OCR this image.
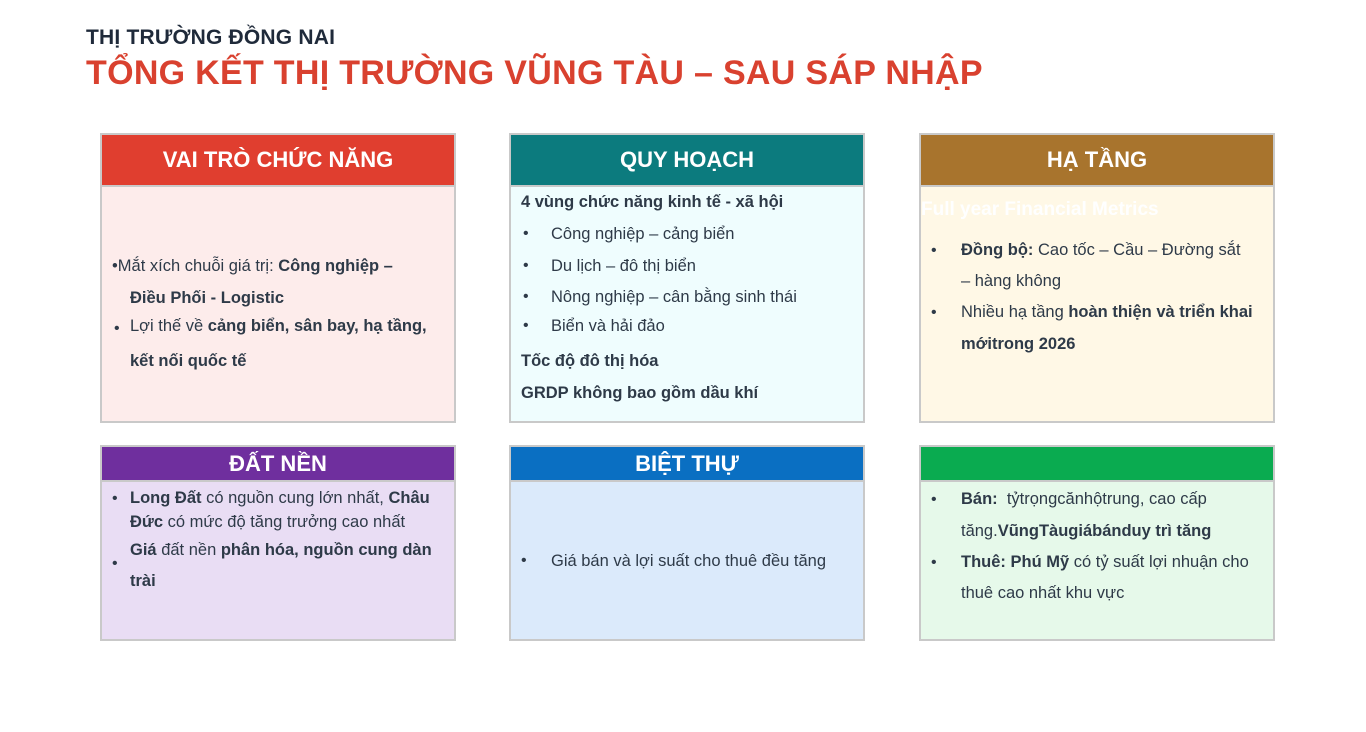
THỊ TRƯỜNG ĐỒNG NAI
TỔNG KẾT THỊ TRƯỜNG VŨNG TÀU – SAU SÁP NHẬP
VAI TRÒ CHỨC NĂNG
•Mắt xích chuỗi giá trị: Công nghiệp –
Điều Phối - Logistic
• Lợi thế về cảng biển, sân bay, hạ tầng,
kết nối quốc tế
QUY HOẠCH
4 vùng chức năng kinh tế - xã hội
• Công nghiệp – cảng biển
• Du lịch – đô thị biển
• Nông nghiệp – cân bằng sinh thái
• Biển và hải đảo
Tốc độ đô thị hóa
GRDP không bao gồm dầu khí
HẠ TẦNG
Full year Financial Metrics
• Đồng bộ: Cao tốc – Cầu – Đường sắt
– hàng không
• Nhiều hạ tầng hoàn thiện và triển khai
mớitrong 2026
ĐẤT NỀN
• Long Đất có nguồn cung lớn nhất, Châu
Đức có mức độ tăng trưởng cao nhất
•
Giá đất nền phân hóa, nguồn cung dàn
trài
BIỆT THỰ
• Giá bán và lợi suất cho thuê đều tăng
• Bán:  tỷtrọngcănhộtrung, cao cấp
tăng.VũngTàugiábánduy trì tăng
• Thuê: Phú Mỹ có tỷ suất lợi nhuận cho
thuê cao nhất khu vực
